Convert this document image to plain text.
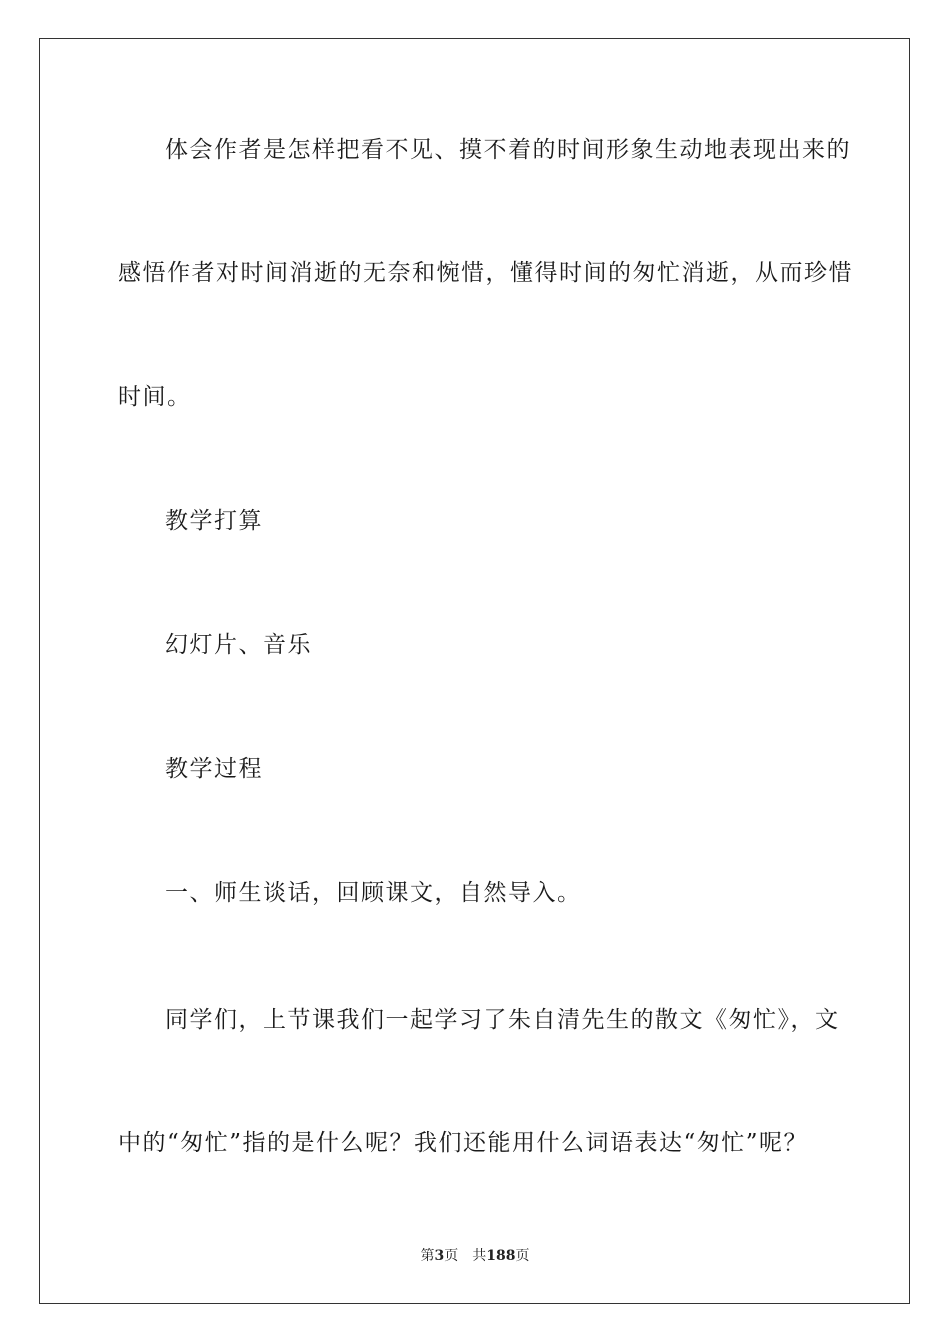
体会作者是怎样把看不见、摸不着的时间形象生动地表现出来的
感悟作者对时间消逝的无奈和惋惜，懂得时间的匆忙消逝，从而珍惜
时间。
教学打算
幻灯片、音乐
教学过程
一、师生谈话，回顾课文，自然导入。
同学们，上节课我们一起学习了朱自清先生的散文《匆忙》，文
中的“匆忙”指的是什么呢？我们还能用什么词语表达“匆忙”呢？
第3页 共188页
